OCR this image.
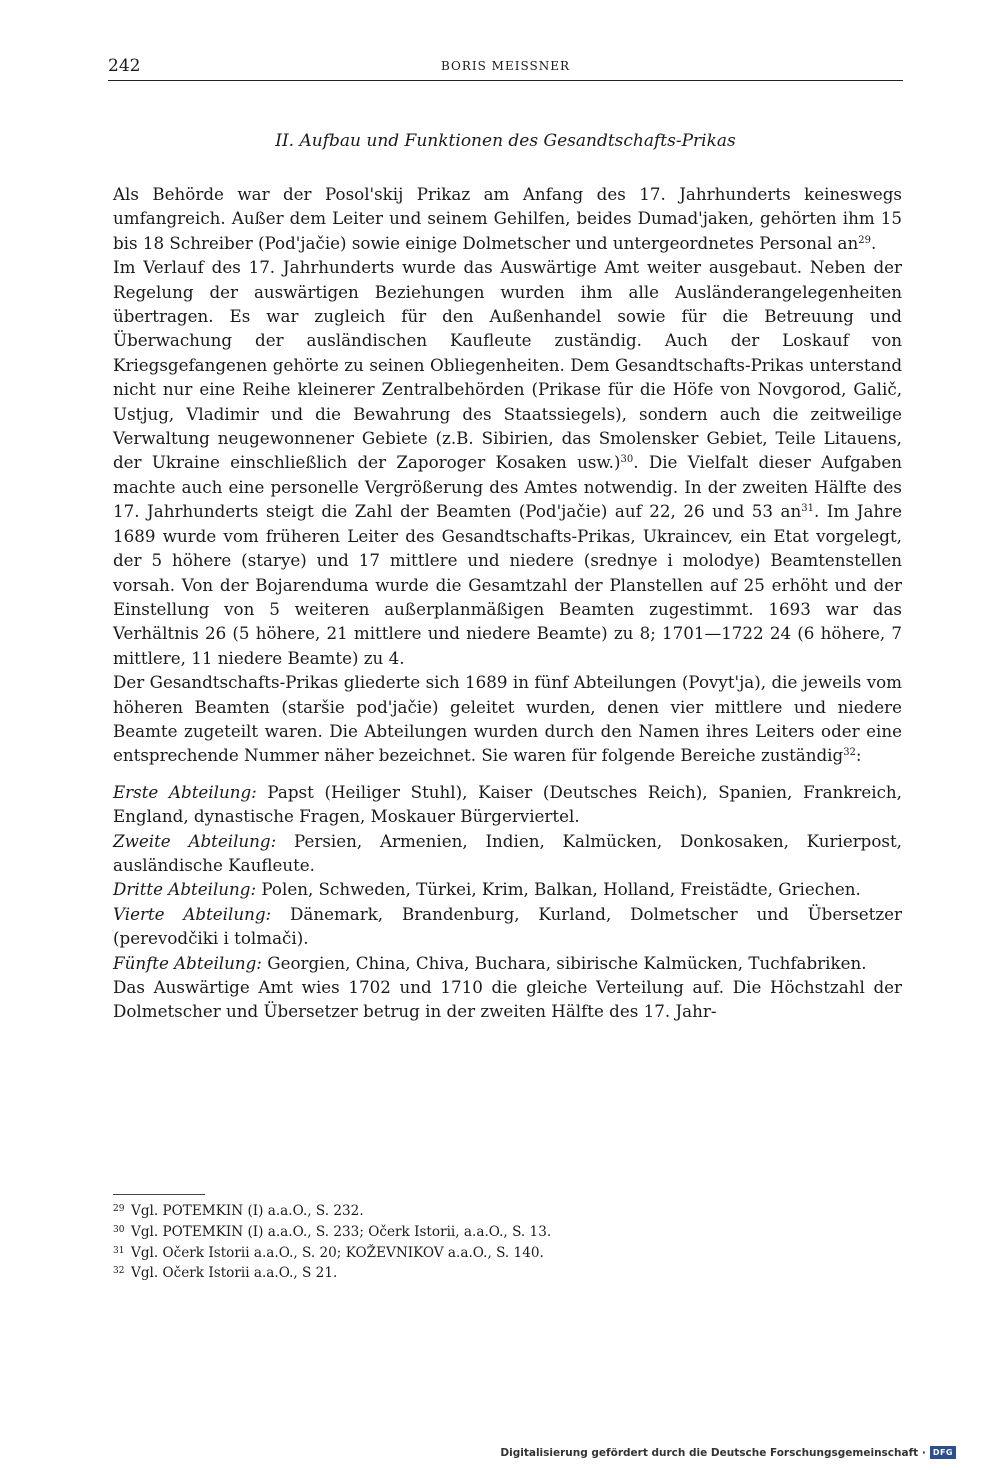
242	BORIS MEISSNER
II. Aufbau und Funktionen des Gesandtschafts-Prikas

Als Behörde war der Posol'skij Prikaz am Anfang des 17. Jahrhunderts keineswegs umfangreich. Außer dem Leiter und seinem Gehilfen, beides Dumad'jaken, gehörten ihm 15 bis 18 Schreiber (Pod'jačie) sowie einige Dolmetscher und untergeordnetes Personal $an^{29}$.

Im Verlauf des 17. Jahrhunderts wurde das Auswärtige Amt weiter ausgebaut. Neben der Regelung der auswärtigen Beziehungen wurden ihm alle Ausländerangelegenheiten übertragen. Es war zugleich für den Außenhandel sowie für die Betreuung und Überwachung der ausländischen Kaufleute zuständig. Auch der Loskauf von Kriegsgefangenen gehörte zu seinen Obliegenheiten. Dem Gesandtschafts-Prikas unterstand nicht nur eine Reihe kleinerer Zentralbehörden (Prikase für die Höfe von Novgorod, Galič, Ustjug, Vladimir und die Bewahrung des Staatssiegels), sondern auch die zeitweilige Verwaltung neugewonnener Gebiete (z.B. Sibirien, das Smolensker Gebiet, Teile Litauens, der Ukraine einschließlich der Zaporoger Kosaken usw.)$^{30}$. Die Vielfalt dieser Aufgaben machte auch eine personelle Vergrößerung des Amtes notwendig. In der zweiten Hälfte des 17. Jahrhunderts steigt die Zahl der Beamten (Pod'jačie) auf 22, 26 und 53 $an^{31}$. Im Jahre 1689 wurde vom früheren Leiter des Gesandtschafts-Prikas, Ukraincev, ein Etat vorgelegt, der 5 höhere (starye) und 17 mittlere und niedere (srednye i molodye) Beamtenstellen vorsah. Von der Bojarenduma wurde die Gesamtzahl der Planstellen auf 25 erhöht und der Einstellung von 5 weiteren außerplanmäßigen Beamten zugestimmt. 1693 war das Verhältnis 26 (5 höhere, 21 mittlere und niedere Beamte) zu 8; 1701—1722 24 (6 höhere, 7 mittlere, 11 niedere Beamte) zu 4.

Der Gesandtschafts-Prikas gliederte sich 1689 in fünf Abteilungen (Povyt'ja), die jeweils vom höheren Beamten (staršie pod'jačie) geleitet wurden, denen vier mittlere und niedere Beamte zugeteilt waren. Die Abteilungen wurden durch den Namen ihres Leiters oder eine entsprechende Nummer näher bezeichnet. Sie waren für folgende Bereiche zuständig$^{32}$:

Erste Abteilung: Papst (Heiliger Stuhl), Kaiser (Deutsches Reich), Spanien, Frankreich, England, dynastische Fragen, Moskauer Bürgerviertel.

Zweite Abteilung: Persien, Armenien, Indien, Kalmücken, Donkosaken, Kurierpost, ausländische Kaufleute.

Dritte Abteilung: Polen, Schweden, Türkei, Krim, Balkan, Holland, Freistädte, Griechen.

Vierte Abteilung: Dänemark, Brandenburg, Kurland, Dolmetscher und Übersetzer (perevodčiki i tolmači).

Fünfte Abteilung: Georgien, China, Chiva, Buchara, sibirische Kalmücken, Tuchfabriken.

Das Auswärtige Amt wies 1702 und 1710 die gleiche Verteilung auf. Die Höchstzahl der Dolmetscher und Übersetzer betrug in der zweiten Hälfte des 17. Jahr-

29 Vgl. POTEMKIN (I) a.a.O., S. 232.
30 Vgl. POTEMKIN (I) a.a.O., S. 233; Očerk Istorii, a.a.O., S. 13.
31 Vgl. Očerk Istorii a.a.O., S. 20; KOŽEVNIKOV a.a.O., S. 140.
32 Vgl. Očerk Istorii a.a.O., S 21.
Digitalisierung gefördert durch die Deutsche Forschungsgemeinschaft · DFG
